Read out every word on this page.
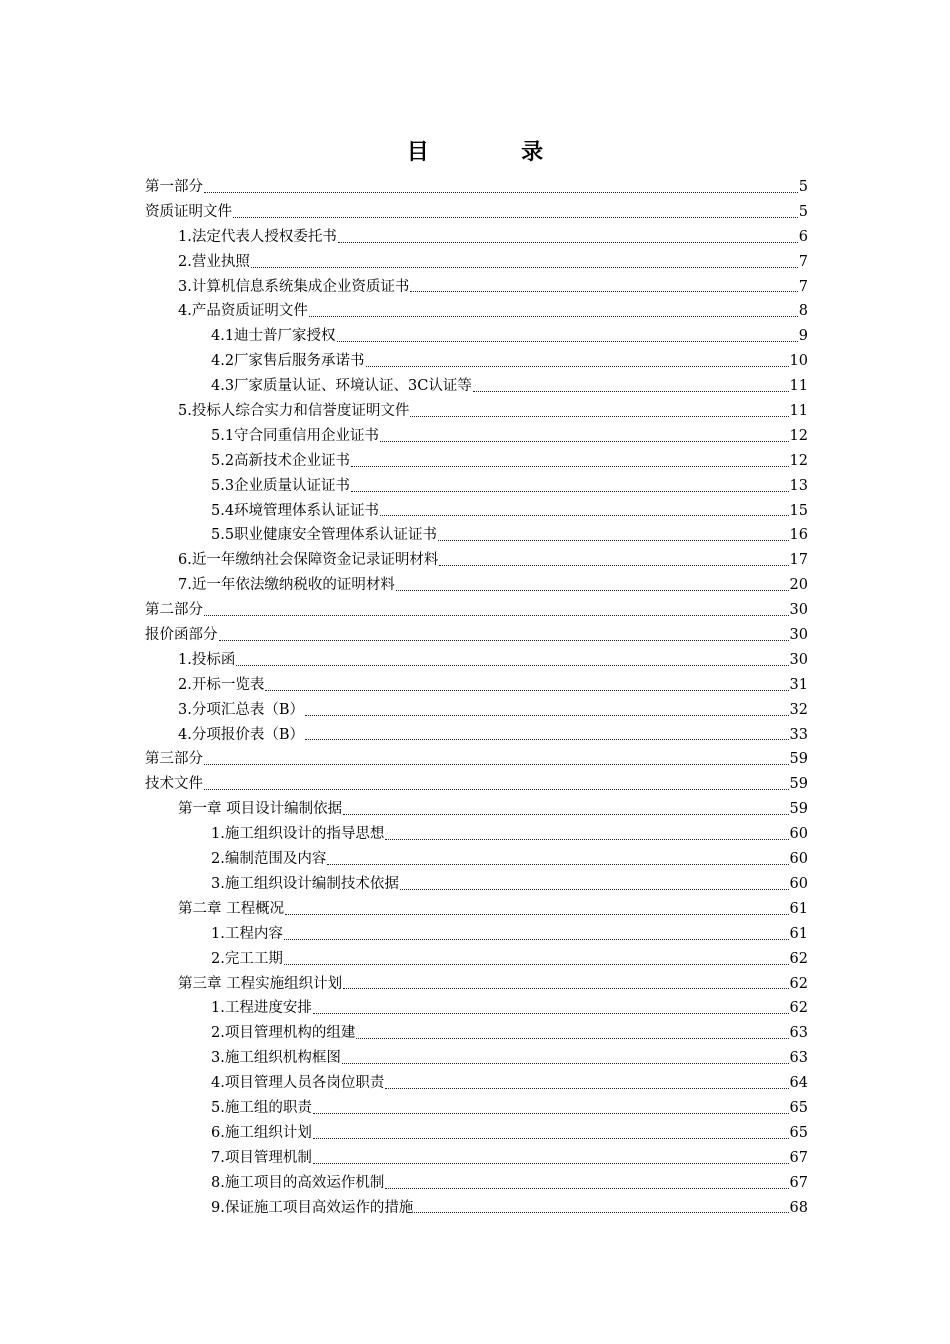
目　录
第一部分	5
资质证明文件	5
1.法定代表人授权委托书	6
2.营业执照	7
3.计算机信息系统集成企业资质证书	7
4.产品资质证明文件	8
4.1迪士普厂家授权	9
4.2厂家售后服务承诺书	10
4.3厂家质量认证、环境认证、3C认证等	11
5.投标人综合实力和信誉度证明文件	11
5.1守合同重信用企业证书	12
5.2高新技术企业证书	12
5.3企业质量认证证书	13
5.4环境管理体系认证证书	15
5.5职业健康安全管理体系认证证书	16
6.近一年缴纳社会保障资金记录证明材料	17
7.近一年依法缴纳税收的证明材料	20
第二部分	30
报价函部分	30
1.投标函	30
2.开标一览表	31
3.分项汇总表（B）	32
4.分项报价表（B）	33
第三部分	59
技术文件	59
第一章 项目设计编制依据	59
1.施工组织设计的指导思想	60
2.编制范围及内容	60
3.施工组织设计编制技术依据	60
第二章 工程概况	61
1.工程内容	61
2.完工工期	62
第三章 工程实施组织计划	62
1.工程进度安排	62
2.项目管理机构的组建	63
3.施工组织机构框图	63
4.项目管理人员各岗位职责	64
5.施工组的职责	65
6.施工组织计划	65
7.项目管理机制	67
8.施工项目的高效运作机制	67
9.保证施工项目高效运作的措施	68
